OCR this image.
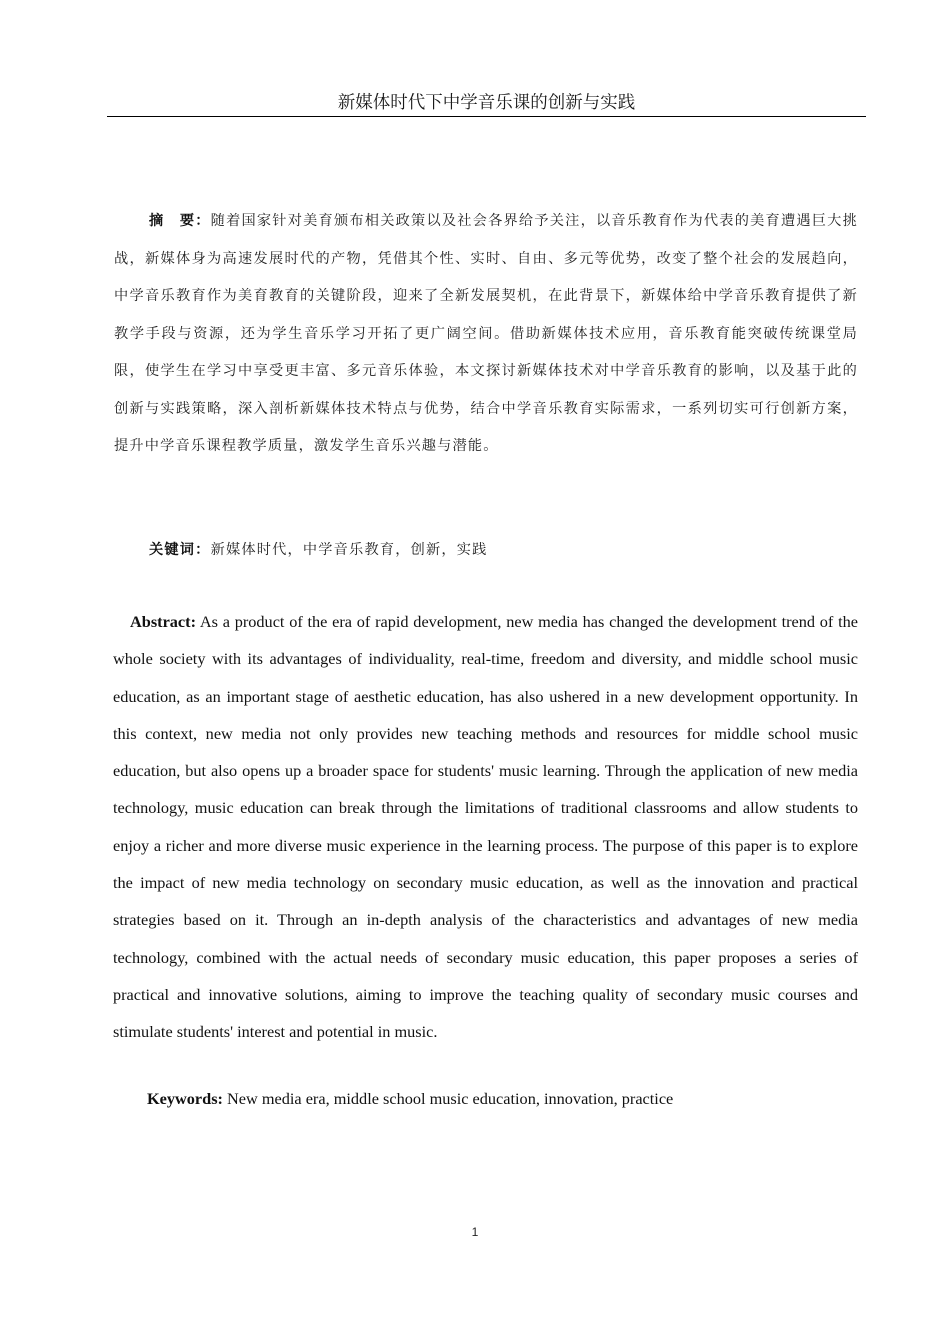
新媒体时代下中学音乐课的创新与实践
摘　要：随着国家针对美育颁布相关政策以及社会各界给予关注，以音乐教育作为代表的美育遭遇巨大挑战，新媒体身为高速发展时代的产物，凭借其个性、实时、自由、多元等优势，改变了整个社会的发展趋向，中学音乐教育作为美育教育的关键阶段，迎来了全新发展契机，在此背景下，新媒体给中学音乐教育提供了新教学手段与资源，还为学生音乐学习开拓了更广阔空间。借助新媒体技术应用，音乐教育能突破传统课堂局限，使学生在学习中享受更丰富、多元音乐体验，本文探讨新媒体技术对中学音乐教育的影响，以及基于此的创新与实践策略，深入剖析新媒体技术特点与优势，结合中学音乐教育实际需求，一系列切实可行创新方案，提升中学音乐课程教学质量，激发学生音乐兴趣与潜能。
关键词：新媒体时代，中学音乐教育，创新，实践
Abstract: As a product of the era of rapid development, new media has changed the development trend of the whole society with its advantages of individuality, real-time, freedom and diversity, and middle school music education, as an important stage of aesthetic education, has also ushered in a new development opportunity. In this context, new media not only provides new teaching methods and resources for middle school music education, but also opens up a broader space for students' music learning. Through the application of new media technology, music education can break through the limitations of traditional classrooms and allow students to enjoy a richer and more diverse music experience in the learning process. The purpose of this paper is to explore the impact of new media technology on secondary music education, as well as the innovation and practical strategies based on it. Through an in-depth analysis of the characteristics and advantages of new media technology, combined with the actual needs of secondary music education, this paper proposes a series of practical and innovative solutions, aiming to improve the teaching quality of secondary music courses and stimulate students' interest and potential in music.
Keywords: New media era, middle school music education, innovation, practice
1
